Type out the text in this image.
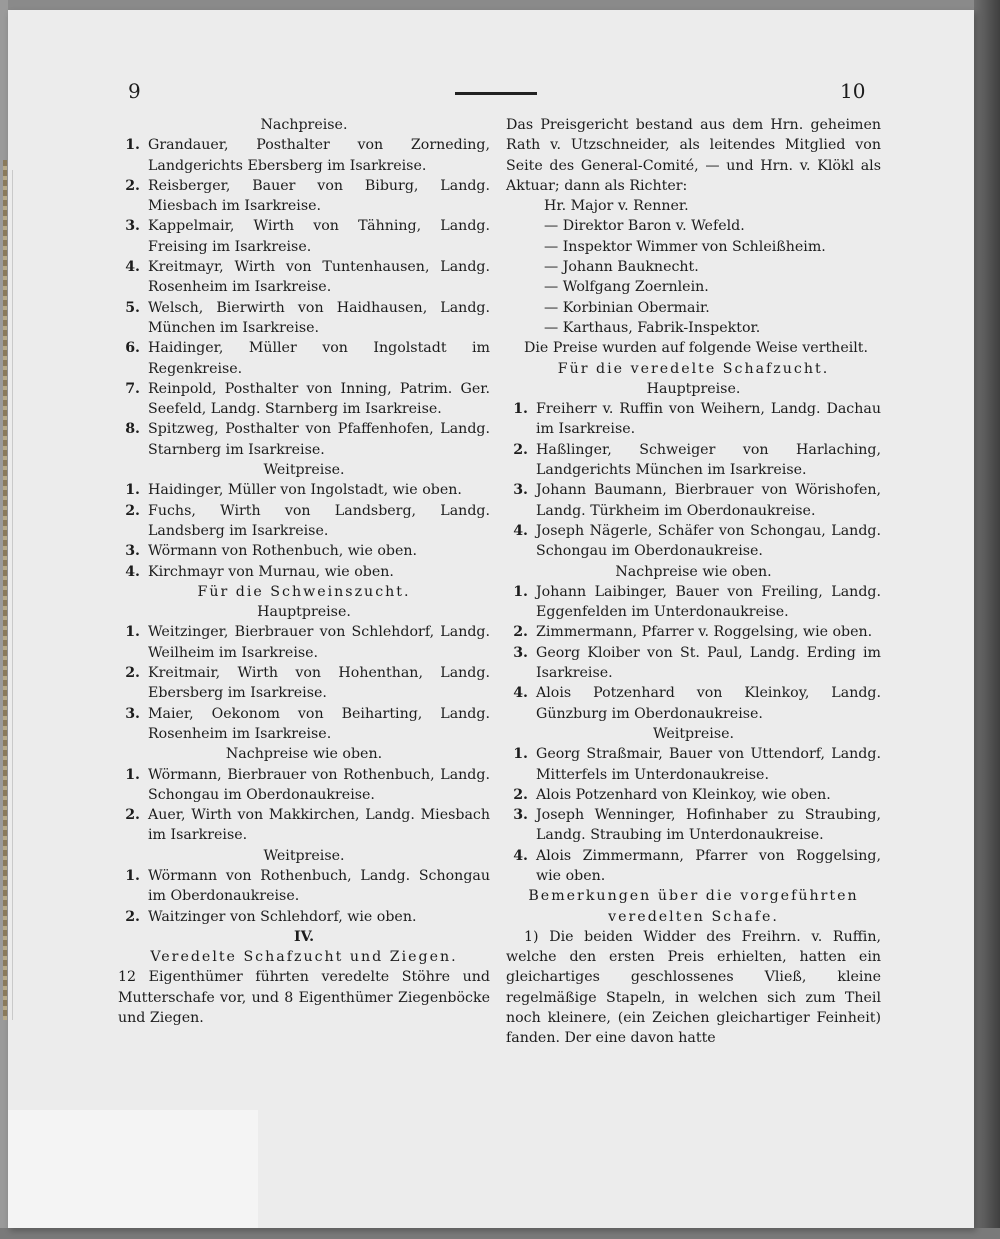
9	10
Nachpreise.
1. Grandauer, Posthalter von Zorneding, Landgerichts Ebersberg im Isarkreise.
2. Reisberger, Bauer von Biburg, Landg. Miesbach im Isarkreise.
3. Kappelmair, Wirth von Tähning, Landg. Freising im Isarkreise.
4. Kreitmayr, Wirth von Tuntenhausen, Landg. Rosenheim im Isarkreise.
5. Welsch, Bierwirth von Haidhausen, Landg. München im Isarkreise.
6. Haidinger, Müller von Ingolstadt im Regenkreise.
7. Reinpold, Posthalter von Inning, Patrim. Ger. Seefeld, Landg. Starnberg im Isarkreise.
8. Spitzweg, Posthalter von Pfaffenhofen, Landg. Starnberg im Isarkreise.
Weitpreise.
1. Haidinger, Müller von Ingolstadt, wie oben.
2. Fuchs, Wirth von Landsberg, Landg. Landsberg im Isarkreise.
3. Wörmann von Rothenbuch, wie oben.
4. Kirchmayr von Murnau, wie oben.
Für die Schweinszucht.
Hauptpreise.
1. Weitzinger, Bierbrauer von Schlehdorf, Landg. Weilheim im Isarkreise.
2. Kreitmair, Wirth von Hohenthan, Landg. Ebersberg im Isarkreise.
3. Maier, Oekonom von Beiharting, Landg. Rosenheim im Isarkreise.
Nachpreise wie oben.
1. Wörmann, Bierbrauer von Rothenbuch, Landg. Schongau im Oberdonaukreise.
2. Auer, Wirth von Makkirchen, Landg. Miesbach im Isarkreise.
Weitpreise.
1. Wörmann von Rothenbuch, Landg. Schongau im Oberdonaukreise.
2. Waitzinger von Schlehdorf, wie oben.
IV.
Veredelte Schafzucht und Ziegen.
12 Eigenthümer führten veredelte Stöhre und Mutterschafe vor, und 8 Eigenthümer Ziegenböcke und Ziegen.
Das Preisgericht bestand aus dem Hrn. geheimen Rath v. Utzschneider, als leitendes Mitglied von Seite des General-Comité, — und Hrn. v. Klökl als Aktuar; dann als Richter:
Hr. Major v. Renner.
— Direktor Baron v. Wefeld.
— Inspektor Wimmer von Schleißheim.
— Johann Bauknecht.
— Wolfgang Zoernlein.
— Korbinian Obermair.
— Karthaus, Fabrik-Inspektor.
Die Preise wurden auf folgende Weise vertheilt.
Für die veredelte Schafzucht.
Hauptpreise.
1. Freiherr v. Ruffin von Weihern, Landg. Dachau im Isarkreise.
2. Haßlinger, Schweiger von Harlaching, Landgerichts München im Isarkreise.
3. Johann Baumann, Bierbrauer von Wörishofen, Landg. Türkheim im Oberdonaukreise.
4. Joseph Nägerle, Schäfer von Schongau, Landg. Schongau im Oberdonaukreise.
Nachpreise wie oben.
1. Johann Laibinger, Bauer von Freiling, Landg. Eggenfelden im Unterdonaukreise.
2. Zimmermann, Pfarrer v. Roggelsing, wie oben.
3. Georg Kloiber von St. Paul, Landg. Erding im Isarkreise.
4. Alois Potzenhard von Kleinkoy, Landg. Günzburg im Oberdonaukreise.
Weitpreise.
1. Georg Straßmair, Bauer von Uttendorf, Landg. Mitterfels im Unterdonaukreise.
2. Alois Potzenhard von Kleinkoy, wie oben.
3. Joseph Wenninger, Hofinhaber zu Straubing, Landg. Straubing im Unterdonaukreise.
4. Alois Zimmermann, Pfarrer von Roggelsing, wie oben.
Bemerkungen über die vorgeführten veredelten Schafe.
1) Die beiden Widder des Freihrn. v. Ruffin, welche den ersten Preis erhielten, hatten ein gleichartiges geschlossenes Vließ, kleine regelmäßige Stapeln, in welchen sich zum Theil noch kleinere, (ein Zeichen gleichartiger Feinheit) fanden. Der eine davon hatte
